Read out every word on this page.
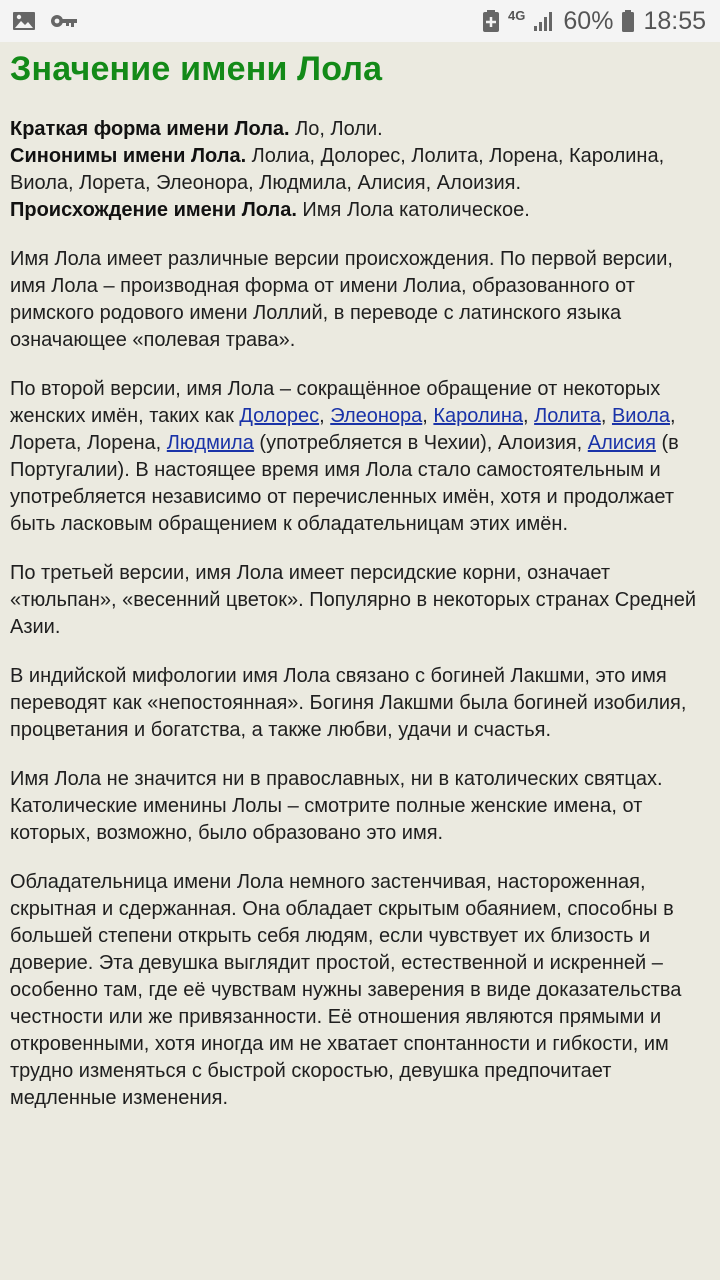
4G 60% 18:55
Значение имени Лола

Краткая форма имени Лола. Ло, Лоли.
Синонимы имени Лола. Лолиа, Долорес, Лолита, Лорена, Каролина, Виола, Лорета, Элеонора, Людмила, Алисия, Алоизия.
Происхождение имени Лола. Имя Лола католическое.

Имя Лола имеет различные версии происхождения. По первой версии, имя Лола – производная форма от имени Лолиа, образованного от римского родового имени Лоллий, в переводе с латинского языка означающее «полевая трава».

По второй версии, имя Лола – сокращённое обращение от некоторых женских имён, таких как Долорес, Элеонора, Каролина, Лолита, Виола, Лорета, Лорена, Людмила (употребляется в Чехии), Алоизия, Алисия (в Португалии). В настоящее время имя Лола стало самостоятельным и употребляется независимо от перечисленных имён, хотя и продолжает быть ласковым обращением к обладательницам этих имён.

По третьей версии, имя Лола имеет персидские корни, означает «тюльпан», «весенний цветок». Популярно в некоторых странах Средней Азии.

В индийской мифологии имя Лола связано с богиней Лакшми, это имя переводят как «непостоянная». Богиня Лакшми была богиней изобилия, процветания и богатства, а также любви, удачи и счастья.

Имя Лола не значится ни в православных, ни в католических святцах. Католические именины Лолы – смотрите полные женские имена, от которых, возможно, было образовано это имя.

Обладательница имени Лола немного застенчивая, настороженная, скрытная и сдержанная. Она обладает скрытым обаянием, способны в большей степени открыть себя людям, если чувствует их близость и доверие. Эта девушка выглядит простой, естественной и искренней – особенно там, где её чувствам нужны заверения в виде доказательства честности или же привязанности. Её отношения являются прямыми и откровенными, хотя иногда им не хватает спонтанности и гибкости, им трудно изменяться с быстрой скоростью, девушка предпочитает медленные изменения.
